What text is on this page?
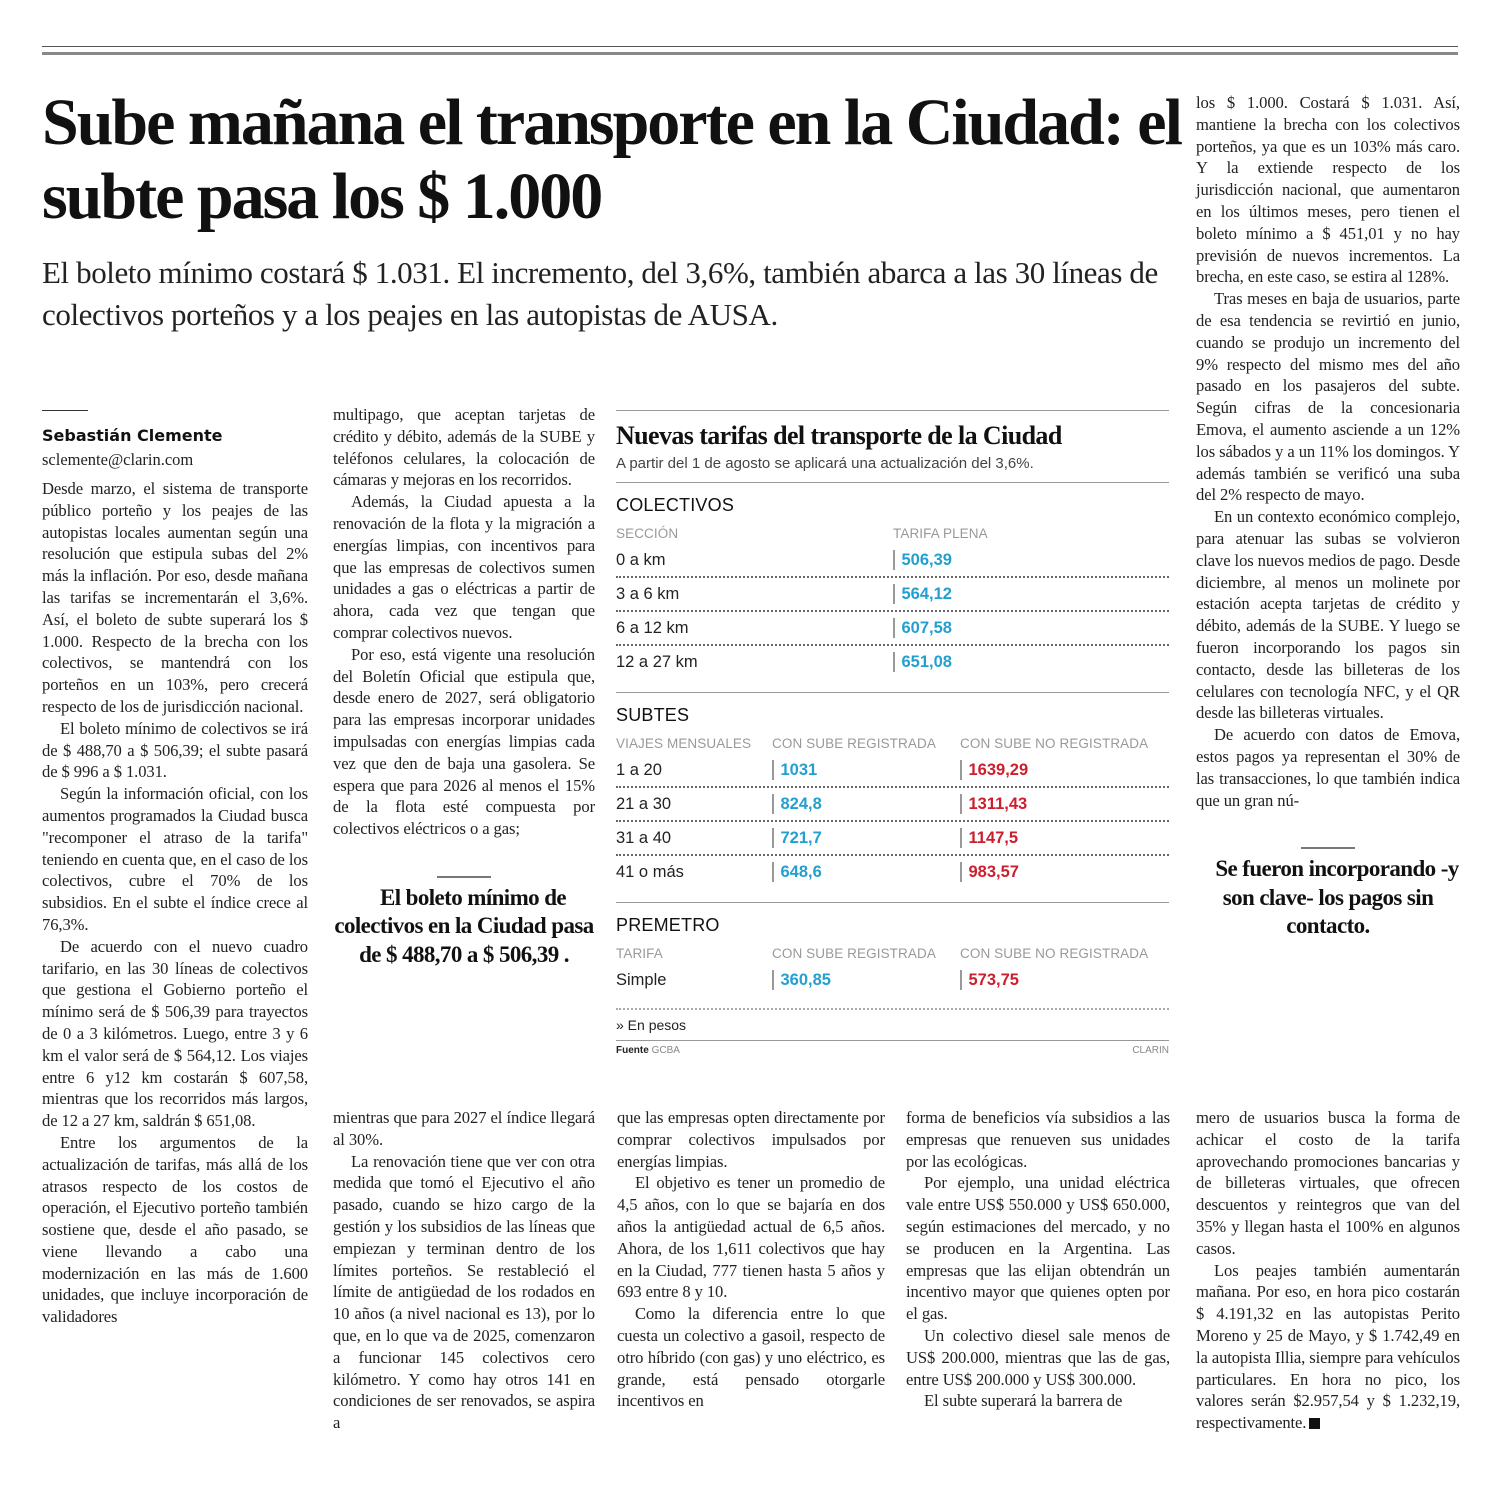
Sube mañana el transporte en la Ciudad: el subte pasa los $ 1.000

El boleto mínimo costará $ 1.031. El incremento, del 3,6%, también abarca a las 30 líneas de colectivos porteños y a los peajes en las autopistas de AUSA.

Sebastián Clemente
sclemente@clarin.com

Desde marzo, el sistema de transporte público porteño y los peajes de las autopistas locales aumentan según una resolución que estipula subas del 2% más la inflación. Por eso, desde mañana las tarifas se incrementarán el 3,6%. Así, el boleto de subte superará los $ 1.000. Respecto de la brecha con los colectivos, se mantendrá con los porteños en un 103%, pero crecerá respecto de los de jurisdicción nacional.

El boleto mínimo de colectivos se irá de $ 488,70 a $ 506,39; el subte pasará de $ 996 a $ 1.031.

Según la información oficial, con los aumentos programados la Ciudad busca "recomponer el atraso de la tarifa" teniendo en cuenta que, en el caso de los colectivos, cubre el 70% de los subsidios. En el subte el índice crece al 76,3%.

De acuerdo con el nuevo cuadro tarifario, en las 30 líneas de colectivos que gestiona el Gobierno porteño el mínimo será de $ 506,39 para trayectos de 0 a 3 kilómetros. Luego, entre 3 y 6 km el valor será de $ 564,12. Los viajes entre 6 y12 km costarán $ 607,58, mientras que los recorridos más largos, de 12 a 27 km, saldrán $ 651,08.

Entre los argumentos de la actualización de tarifas, más allá de los atrasos respecto de los costos de operación, el Ejecutivo porteño también sostiene que, desde el año pasado, se viene llevando a cabo una modernización en las más de 1.600 unidades, que incluye incorporación de validadores

multipago, que aceptan tarjetas de crédito y débito, además de la SUBE y teléfonos celulares, la colocación de cámaras y mejoras en los recorridos.

Además, la Ciudad apuesta a la renovación de la flota y la migración a energías limpias, con incentivos para que las empresas de colectivos sumen unidades a gas o eléctricas a partir de ahora, cada vez que tengan que comprar colectivos nuevos.

Por eso, está vigente una resolución del Boletín Oficial que estipula que, desde enero de 2027, será obligatorio para las empresas incorporar unidades impulsadas con energías limpias cada vez que den de baja una gasolera. Se espera que para 2026 al menos el 15% de la flota esté compuesta por colectivos eléctricos o a gas;

El boleto mínimo de colectivos en la Ciudad pasa de $ 488,70 a $ 506,39 .

mientras que para 2027 el índice llegará al 30%.

La renovación tiene que ver con otra medida que tomó el Ejecutivo el año pasado, cuando se hizo cargo de la gestión y los subsidios de las líneas que empiezan y terminan dentro de los límites porteños. Se restableció el límite de antigüedad de los rodados en 10 años (a nivel nacional es 13), por lo que, en lo que va de 2025, comenzaron a funcionar 145 colectivos cero kilómetro. Y como hay otros 141 en condiciones de ser renovados, se aspira a

Nuevas tarifas del transporte de la Ciudad
A partir del 1 de agosto se aplicará una actualización del 3,6%.
COLECTIVOS
SECCIÓN	TARIFA PLENA
0 a km	506,39
3 a 6 km	564,12
6 a 12 km	607,58
12 a 27 km	651,08
SUBTES
VIAJES MENSUALES	CON SUBE REGISTRADA	CON SUBE NO REGISTRADA
1 a 20	1031	1639,29
21 a 30	824,8	1311,43
31 a 40	721,7	1147,5
41 o más	648,6	983,57
PREMETRO
TARIFA	CON SUBE REGISTRADA	CON SUBE NO REGISTRADA
Simple	360,85	573,75
» En pesos
Fuente GCBA	CLARIN

que las empresas opten directamente por comprar colectivos impulsados por energías limpias.

El objetivo es tener un promedio de 4,5 años, con lo que se bajaría en dos años la antigüedad actual de 6,5 años. Ahora, de los 1,611 colectivos que hay en la Ciudad, 777 tienen hasta 5 años y 693 entre 8 y 10.

Como la diferencia entre lo que cuesta un colectivo a gasoil, respecto de otro híbrido (con gas) y uno eléctrico, es grande, está pensado otorgarle incentivos en

forma de beneficios vía subsidios a las empresas que renueven sus unidades por las ecológicas.

Por ejemplo, una unidad eléctrica vale entre US$ 550.000 y US$ 650.000, según estimaciones del mercado, y no se producen en la Argentina. Las empresas que las elijan obtendrán un incentivo mayor que quienes opten por el gas.

Un colectivo diesel sale menos de US$ 200.000, mientras que las de gas, entre US$ 200.000 y US$ 300.000.

El subte superará la barrera de

los $ 1.000. Costará $ 1.031. Así, mantiene la brecha con los colectivos porteños, ya que es un 103% más caro. Y la extiende respecto de los jurisdicción nacional, que aumentaron en los últimos meses, pero tienen el boleto mínimo a $ 451,01 y no hay previsión de nuevos incrementos. La brecha, en este caso, se estira al 128%.

Tras meses en baja de usuarios, parte de esa tendencia se revirtió en junio, cuando se produjo un incremento del 9% respecto del mismo mes del año pasado en los pasajeros del subte. Según cifras de la concesionaria Emova, el aumento asciende a un 12% los sábados y a un 11% los domingos. Y además también se verificó una suba del 2% respecto de mayo.

En un contexto económico complejo, para atenuar las subas se volvieron clave los nuevos medios de pago. Desde diciembre, al menos un molinete por estación acepta tarjetas de crédito y débito, además de la SUBE. Y luego se fueron incorporando los pagos sin contacto, desde las billeteras de los celulares con tecnología NFC, y el QR desde las billeteras virtuales.

De acuerdo con datos de Emova, estos pagos ya representan el 30% de las transacciones, lo que también indica que un gran nú-

Se fueron incorporando -y son clave- los pagos sin contacto.

mero de usuarios busca la forma de achicar el costo de la tarifa aprovechando promociones bancarias y de billeteras virtuales, que ofrecen descuentos y reintegros que van del 35% y llegan hasta el 100% en algunos casos.

Los peajes también aumentarán mañana. Por eso, en hora pico costarán $ 4.191,32 en las autopistas Perito Moreno y 25 de Mayo, y $ 1.742,49 en la autopista Illia, siempre para vehículos particulares. En hora no pico, los valores serán $2.957,54 y $ 1.232,19, respectivamente.
